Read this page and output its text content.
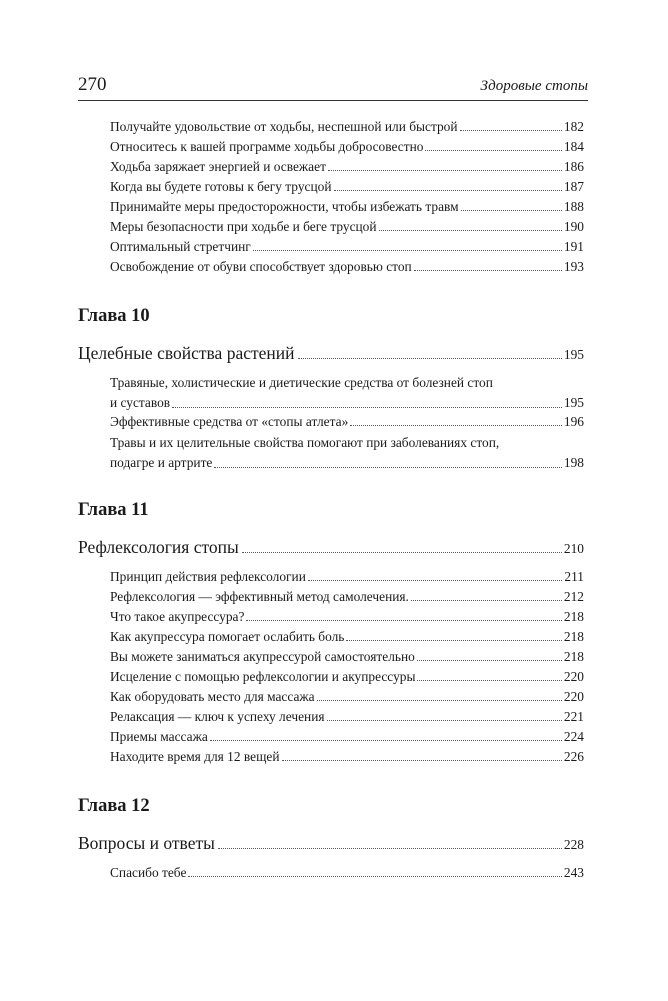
270	Здоровые стопы
Получайте удовольствие от ходьбы, неспешной или быстрой	182
Относитесь к вашей программе ходьбы добросовестно	184
Ходьба заряжает энергией и освежает	186
Когда вы будете готовы к бегу трусцой	187
Принимайте меры предосторожности, чтобы избежать травм	188
Меры безопасности при ходьбе и беге трусцой	190
Оптимальный стретчинг	191
Освобождение от обуви способствует здоровью стоп	193
Глава 10
Целебные свойства растений	195
Травяные, холистические и диетические средства от болезней стоп
и суставов	195
Эффективные средства от «стопы атлета»	196
Травы и их целительные свойства помогают при заболеваниях стоп,
подагре и артрите	198
Глава 11
Рефлексология стопы	210
Принцип действия рефлексологии	211
Рефлексология — эффективный метод самолечения.	212
Что такое акупрессура?	218
Как акупрессура помогает ослабить боль	218
Вы можете заниматься акупрессурой самостоятельно	218
Исцеление с помощью рефлексологии и акупрессуры	220
Как оборудовать место для массажа	220
Релаксация — ключ к успеху лечения	221
Приемы массажа	224
Находите время для 12 вещей	226
Глава 12
Вопросы и ответы	228
Спасибо тебе	243
